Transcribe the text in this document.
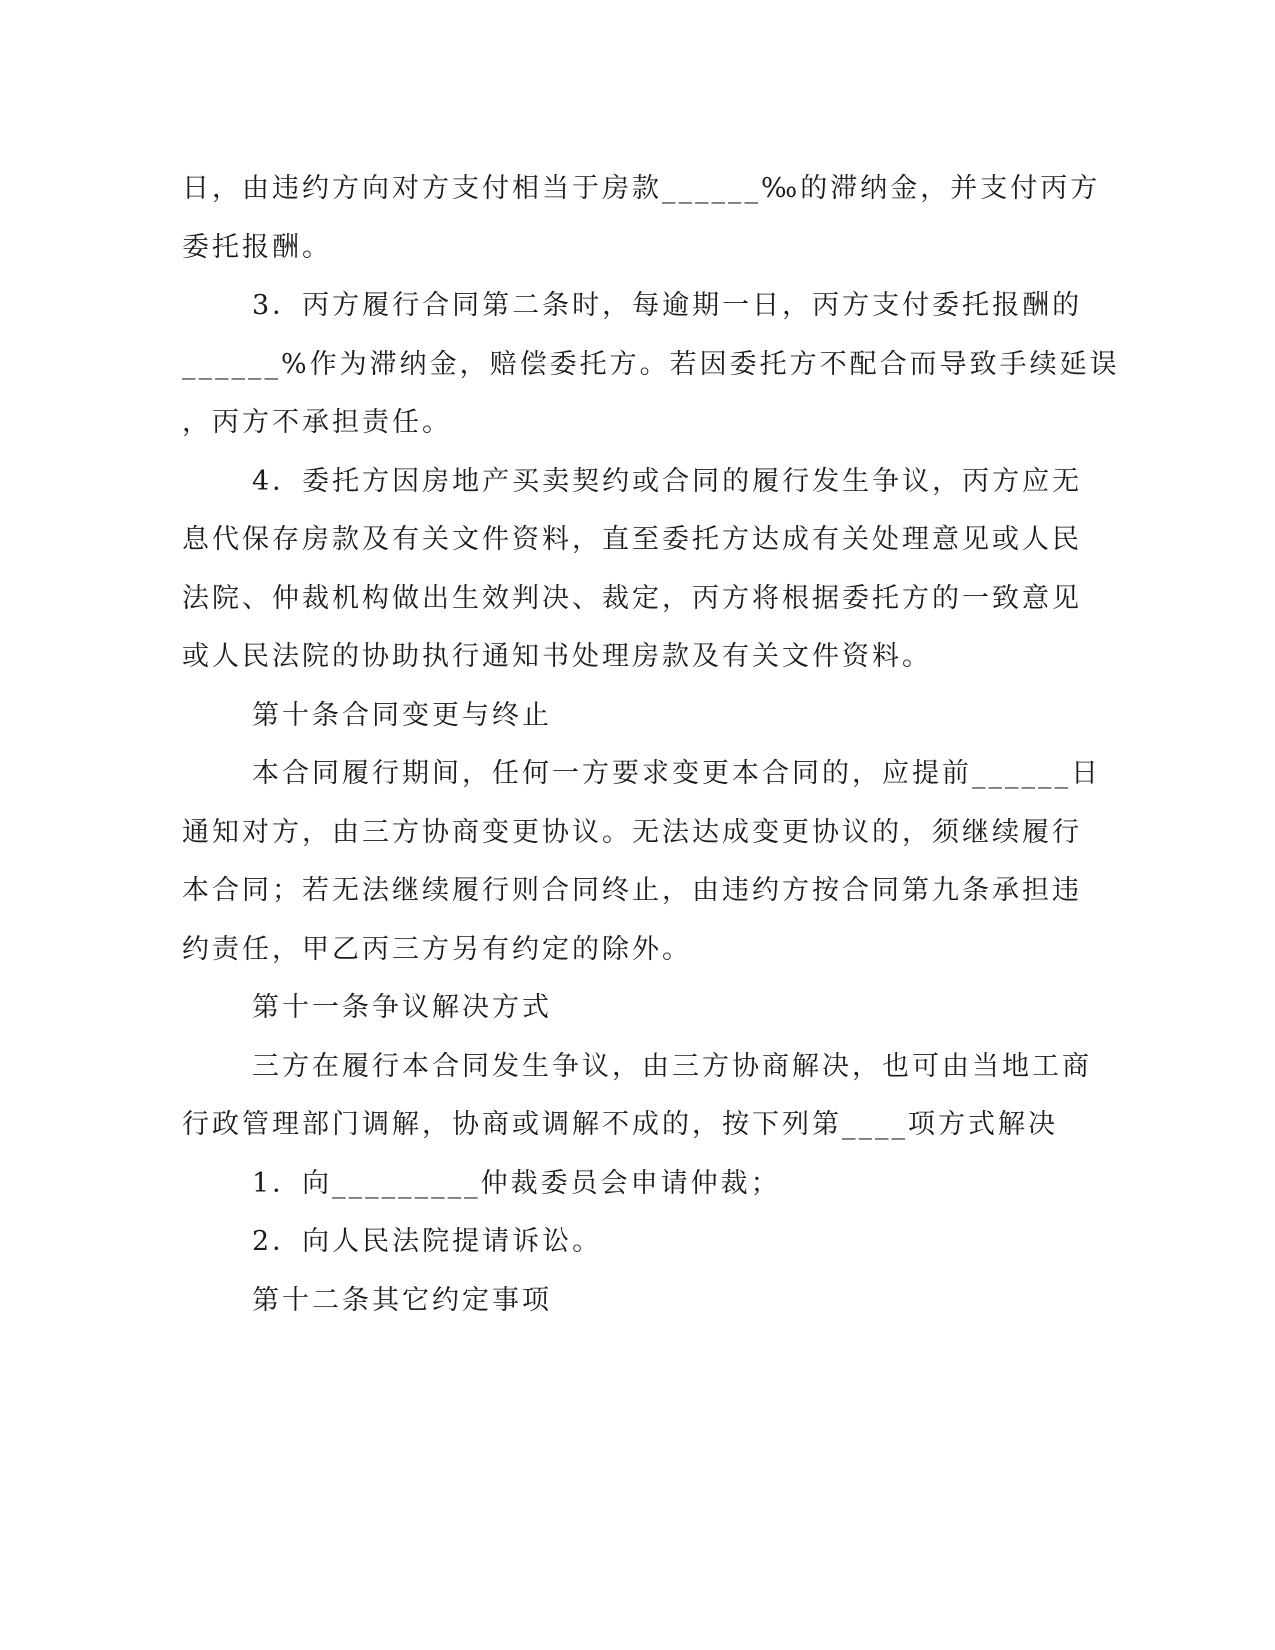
日，由违约方向对方支付相当于房款______‰的滞纳金，并支付丙方
委托报酬。
3．丙方履行合同第二条时，每逾期一日，丙方支付委托报酬的
______%作为滞纳金，赔偿委托方。若因委托方不配合而导致手续延误
，丙方不承担责任。
4．委托方因房地产买卖契约或合同的履行发生争议，丙方应无
息代保存房款及有关文件资料，直至委托方达成有关处理意见或人民
法院、仲裁机构做出生效判决、裁定，丙方将根据委托方的一致意见
或人民法院的协助执行通知书处理房款及有关文件资料。
第十条合同变更与终止
本合同履行期间，任何一方要求变更本合同的，应提前______日
通知对方，由三方协商变更协议。无法达成变更协议的，须继续履行
本合同；若无法继续履行则合同终止，由违约方按合同第九条承担违
约责任，甲乙丙三方另有约定的除外。
第十一条争议解决方式
三方在履行本合同发生争议，由三方协商解决，也可由当地工商
行政管理部门调解，协商或调解不成的，按下列第____项方式解决
1．向_________仲裁委员会申请仲裁；
2．向人民法院提请诉讼。
第十二条其它约定事项
